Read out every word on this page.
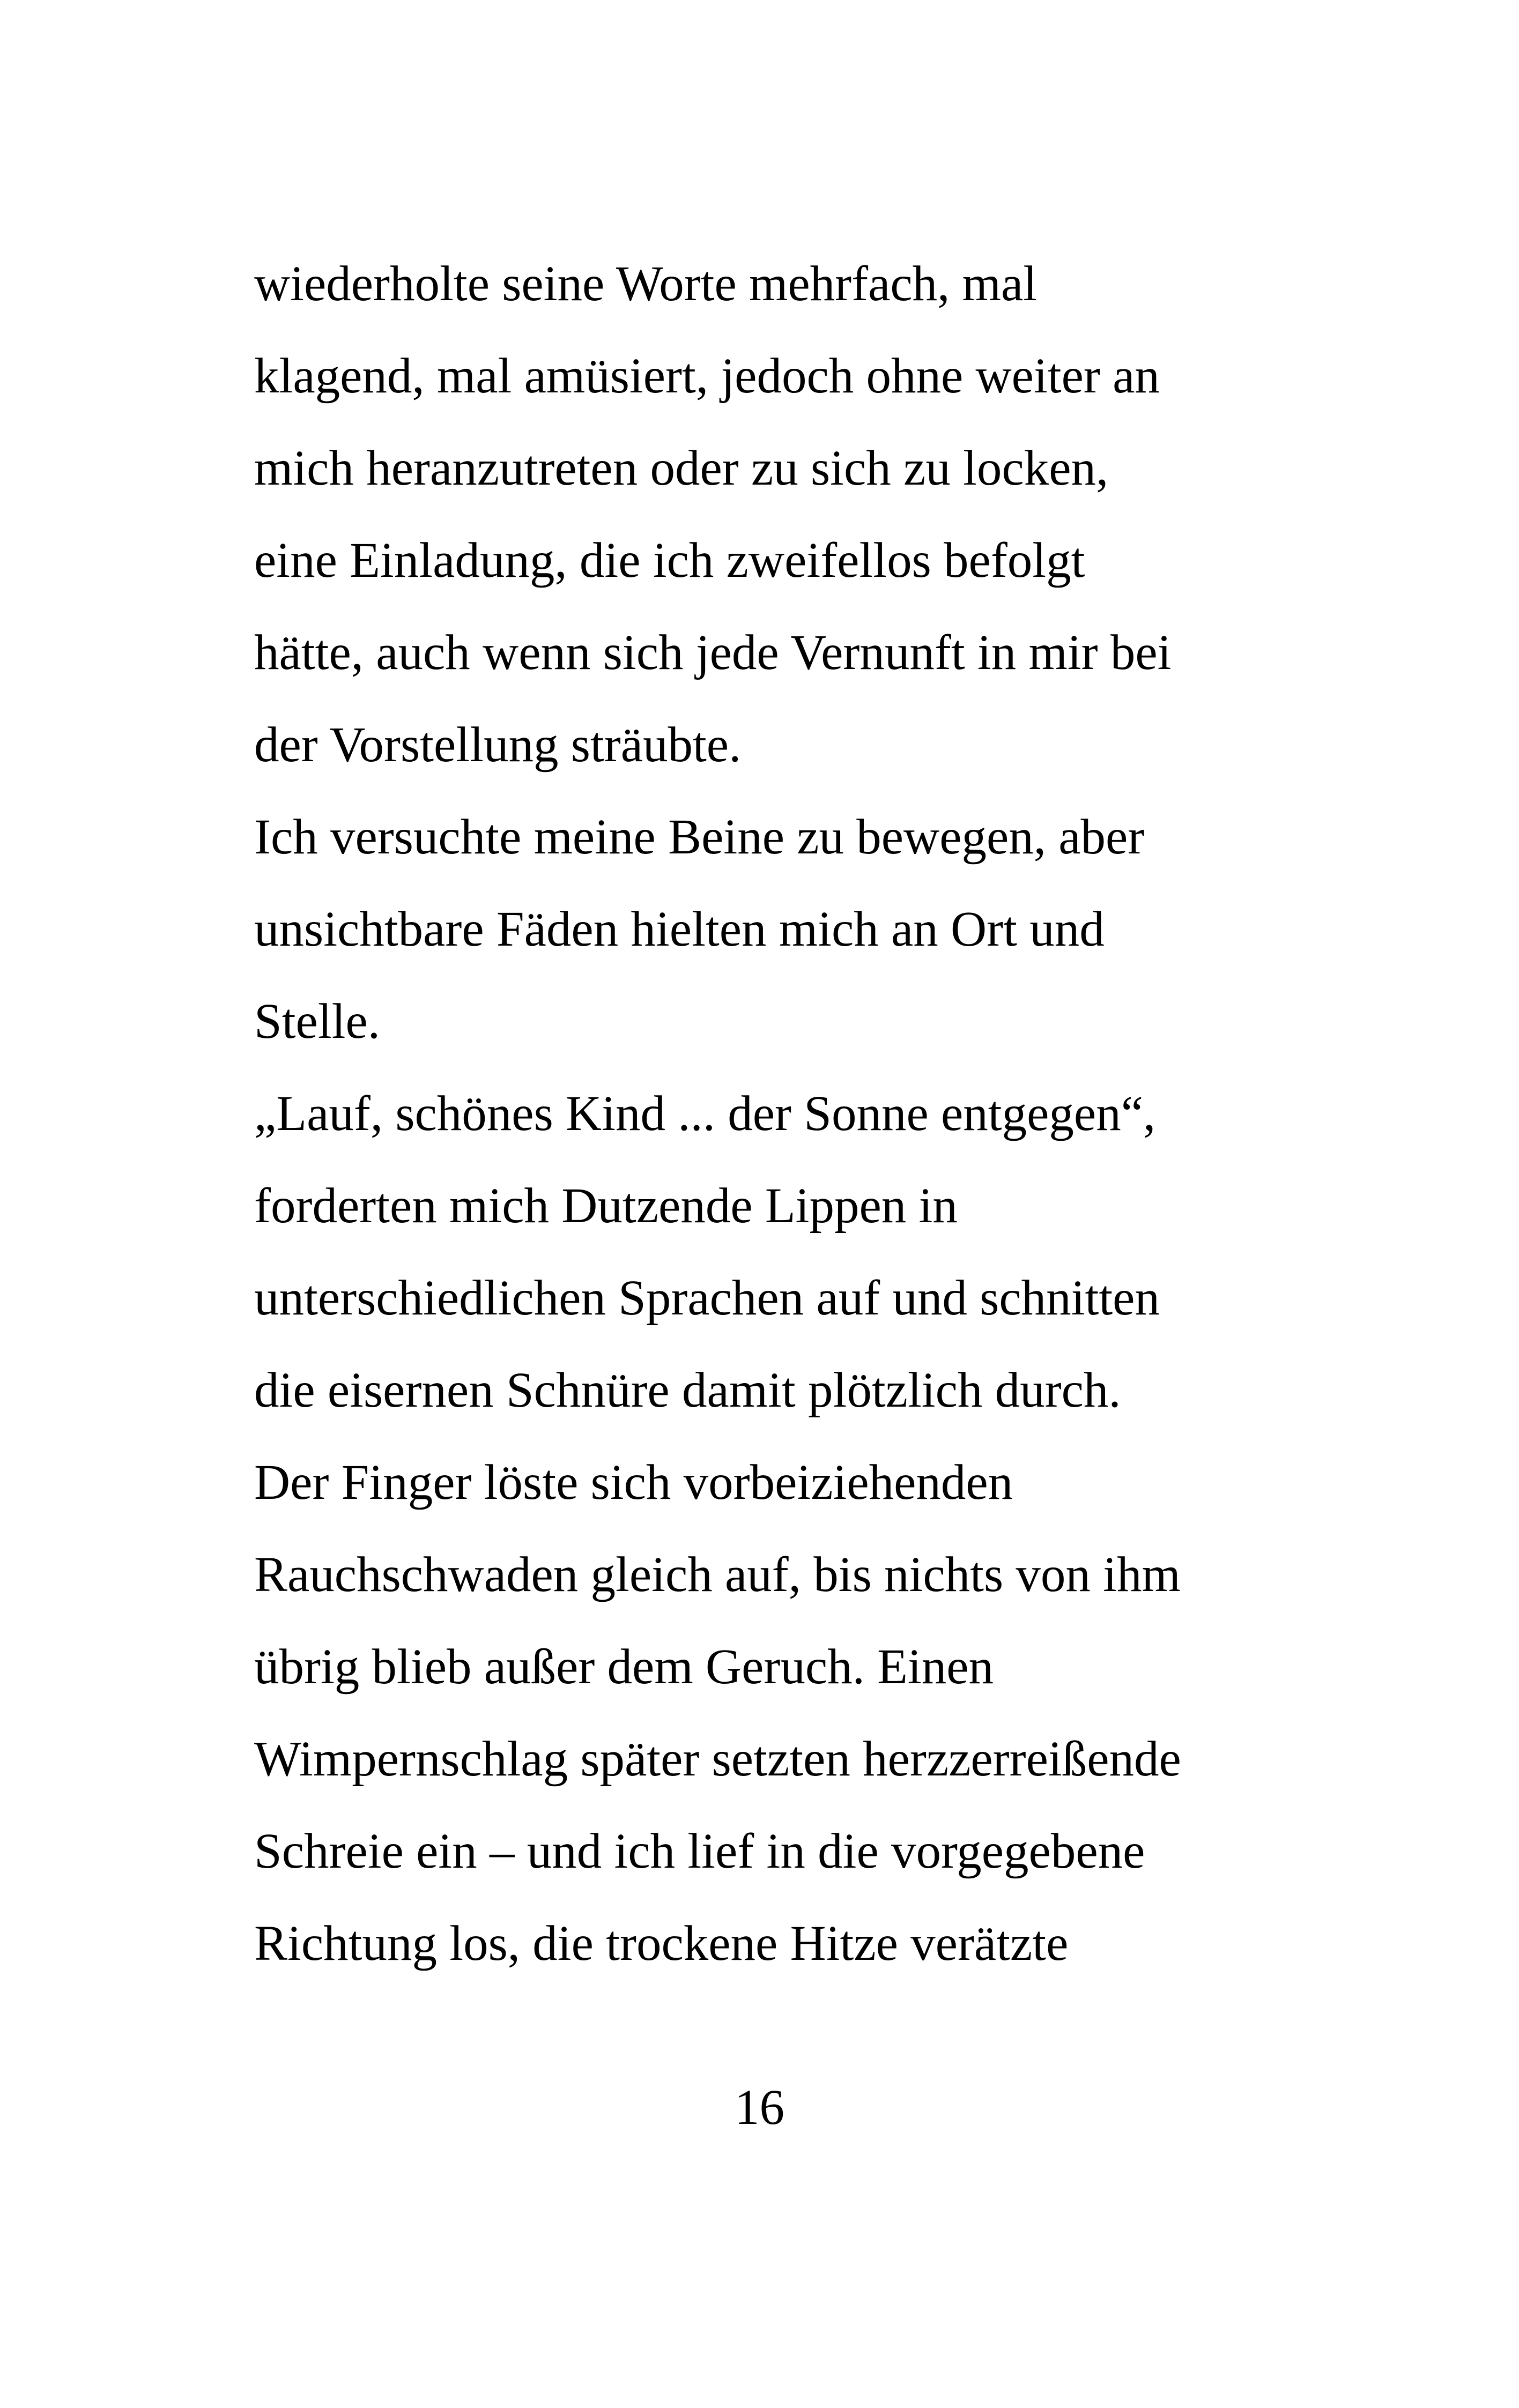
wiederholte seine Worte mehrfach, mal
klagend, mal amüsiert, jedoch ohne weiter an
mich heranzutreten oder zu sich zu locken,
eine Einladung, die ich zweifellos befolgt
hätte, auch wenn sich jede Vernunft in mir bei
der Vorstellung sträubte.
Ich versuchte meine Beine zu bewegen, aber
unsichtbare Fäden hielten mich an Ort und
Stelle.
„Lauf, schönes Kind ... der Sonne entgegen“,
forderten mich Dutzende Lippen in
unterschiedlichen Sprachen auf und schnitten
die eisernen Schnüre damit plötzlich durch.
Der Finger löste sich vorbeiziehenden
Rauchschwaden gleich auf, bis nichts von ihm
übrig blieb außer dem Geruch. Einen
Wimpernschlag später setzten herzzerreißende
Schreie ein – und ich lief in die vorgegebene
Richtung los, die trockene Hitze verätzte
16
